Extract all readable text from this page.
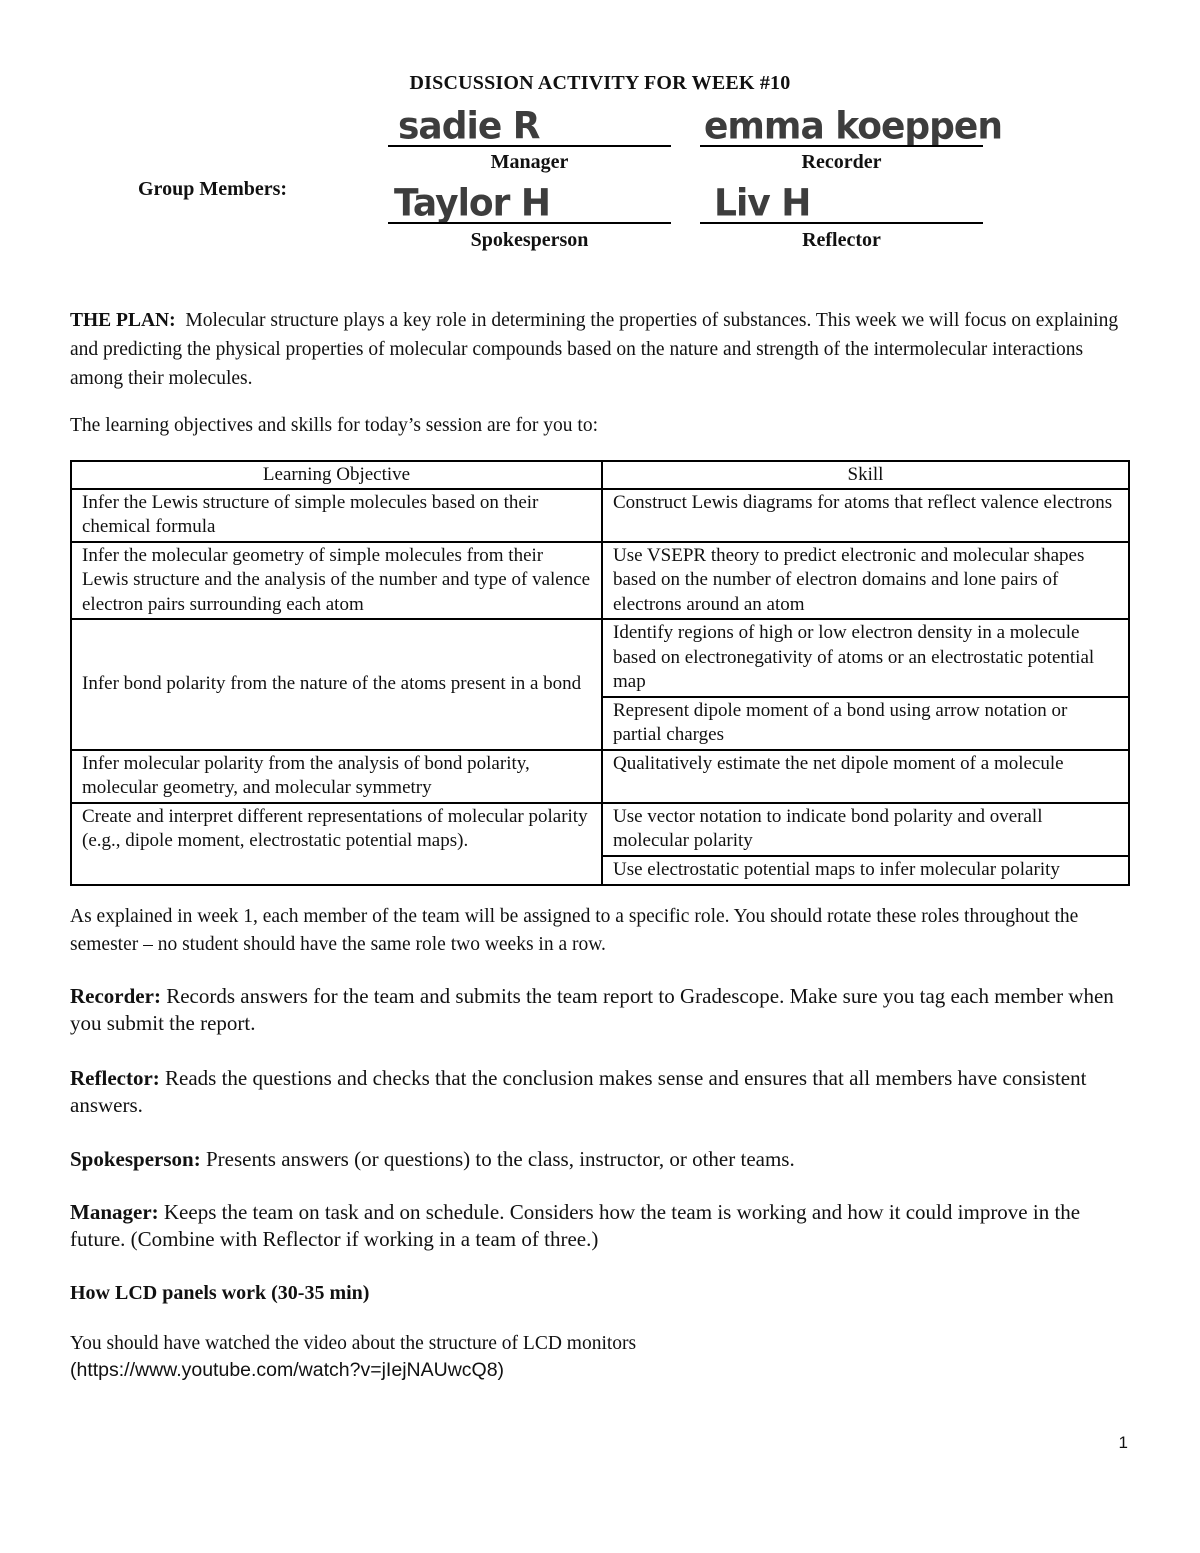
DISCUSSION ACTIVITY FOR WEEK #10
Group Members:
sadie R
Manager
emma koeppen
Recorder
Taylor H
Spokesperson
Liv H
Reflector
THE PLAN: Molecular structure plays a key role in determining the properties of substances. This week we will focus on explaining and predicting the physical properties of molecular compounds based on the nature and strength of the intermolecular interactions among their molecules.
The learning objectives and skills for today’s session are for you to:
Learning Objective	Skill
Infer the Lewis structure of simple molecules based on their chemical formula	Construct Lewis diagrams for atoms that reflect valence electrons
Infer the molecular geometry of simple molecules from their Lewis structure and the analysis of the number and type of valence electron pairs surrounding each atom	Use VSEPR theory to predict electronic and molecular shapes based on the number of electron domains and lone pairs of electrons around an atom
Infer bond polarity from the nature of the atoms present in a bond	Identify regions of high or low electron density in a molecule based on electronegativity of atoms or an electrostatic potential map
	Represent dipole moment of a bond using arrow notation or partial charges
Infer molecular polarity from the analysis of bond polarity, molecular geometry, and molecular symmetry	Qualitatively estimate the net dipole moment of a molecule
Create and interpret different representations of molecular polarity (e.g., dipole moment, electrostatic potential maps).	Use vector notation to indicate bond polarity and overall molecular polarity
	Use electrostatic potential maps to infer molecular polarity
As explained in week 1, each member of the team will be assigned to a specific role. You should rotate these roles throughout the semester – no student should have the same role two weeks in a row.
Recorder: Records answers for the team and submits the team report to Gradescope. Make sure you tag each member when you submit the report.
Reflector: Reads the questions and checks that the conclusion makes sense and ensures that all members have consistent answers.
Spokesperson: Presents answers (or questions) to the class, instructor, or other teams.
Manager: Keeps the team on task and on schedule. Considers how the team is working and how it could improve in the future. (Combine with Reflector if working in a team of three.)
How LCD panels work (30-35 min)
You should have watched the video about the structure of LCD monitors
(https://www.youtube.com/watch?v=jIejNAUwcQ8)
1
